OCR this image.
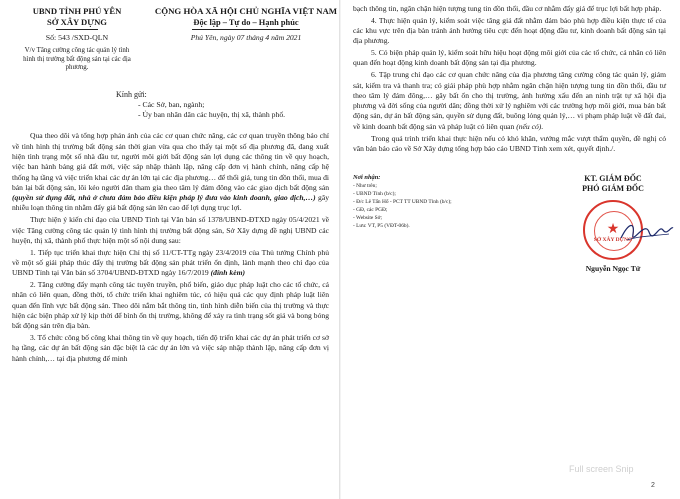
UBND TỈNH PHÚ YÊN
SỞ XÂY DỰNG
Số: 543 /SXD-QLN
V/v Tăng cường công tác quản lý tình hình thị trường bất động sản tại các địa phương.
CỘNG HÒA XÃ HỘI CHỦ NGHĨA VIỆT NAM
Độc lập – Tự do – Hạnh phúc
Phú Yên, ngày 07 tháng 4 năm 2021
Kính gửi:
- Các Sở, ban, ngành;
- Ủy ban nhân dân các huyện, thị xã, thành phố.

Qua theo dõi và tổng hợp phản ánh của các cơ quan chức năng, các cơ quan truyền thông báo chí về tình hình thị trường bất động sản thời gian vừa qua cho thấy tại một số địa phương đã, đang xuất hiện tình trạng một số nhà đầu tư, người môi giới bất động sản lợi dụng các thông tin về quy hoạch, việc ban hành bảng giá đất mới, việc sáp nhập thành lập, nâng cấp đơn vị hành chính, nâng cấp hệ thống hạ tầng và việc triển khai các dự án lớn tại các địa phương… để thổi giá, tung tin đồn thổi, mua đi bán lại bất động sản, lôi kéo người dân tham gia theo tâm lý đám đông vào các giao dịch bất động sản (quyền sử dụng đất, nhà ở chưa đảm bảo điều kiện pháp lý đưa vào kinh doanh, giao dịch,…) gây nhiễu loạn thông tin nhằm đẩy giá bất động sản lên cao để lợi dụng trục lợi.

Thực hiện ý kiến chỉ đạo của UBND Tỉnh tại Văn bản số 1378/UBND-ĐTXD ngày 05/4/2021 về việc Tăng cường công tác quản lý tình hình thị trường bất động sản, Sở Xây dựng đề nghị UBND các huyện, thị xã, thành phố thực hiện một số nội dung sau:

1. Tiếp tục triển khai thực hiện Chỉ thị số 11/CT-TTg ngày 23/4/2019 của Thủ tướng Chính phủ về một số giải pháp thúc đẩy thị trường bất động sản phát triển ổn định, lành mạnh theo chỉ đạo của UBND Tỉnh tại Văn bản số 3704/UBND-ĐTXD ngày 16/7/2019 (đính kèm)

2. Tăng cường đẩy mạnh công tác tuyên truyền, phổ biến, giáo dục pháp luật cho các tổ chức, cá nhân có liên quan, đồng thời, tổ chức triển khai nghiêm túc, có hiệu quả các quy định pháp luật liên quan đến lĩnh vực bất động sản. Theo dõi nắm bắt thông tin, tình hình diễn biến của thị trường và thực hiện các biện pháp xử lý kịp thời để bình ổn thị trường, không để xảy ra tình trạng sốt giá và bong bóng bất động sản trên địa bàn.

3. Tổ chức công bố công khai thông tin về quy hoạch, tiến độ triển khai các dự án phát triển cơ sở hạ tầng, các dự án bất động sản đặc biệt là các dự án lớn và việc sáp nhập thành lập, nâng cấp đơn vị hành chính,… tại địa phương để minh

bạch thông tin, ngăn chặn hiện tượng tung tin đồn thổi, đầu cơ nhằm đẩy giá để trục lợi bất hợp pháp.

4. Thực hiện quản lý, kiểm soát việc tăng giá đất nhằm đảm bảo phù hợp điều kiện thực tế của các khu vực trên địa bàn tránh ảnh hưởng tiêu cực đến hoạt động đầu tư, kinh doanh bất động sản tại địa phương.

5. Có biện pháp quản lý, kiểm soát hữu hiệu hoạt động môi giới của các tổ chức, cá nhân có liên quan đến hoạt động kinh doanh bất động sản tại địa phương.

6. Tập trung chỉ đạo các cơ quan chức năng của địa phương tăng cường công tác quản lý, giám sát, kiểm tra và thanh tra; có giải pháp phù hợp nhằm ngăn chặn hiện tượng tung tin đồn thổi, đầu tư theo tâm lý đám đông,… gây bất ổn cho thị trường, ảnh hưởng xấu đến an ninh trật tự xã hội địa phương và đời sống của người dân; đồng thời xử lý nghiêm với các trường hợp môi giới, mua bán bất động sản, dự án bất động sản, quyền sử dụng đất, buông lỏng quản lý,… vi phạm pháp luật về đất đai, về kinh doanh bất động sản và pháp luật có liên quan (nếu có).

Trong quá trình triển khai thực hiện nếu có khó khăn, vướng mắc vượt thẩm quyền, đề nghị có văn bản báo cáo về Sở Xây dựng tổng hợp báo cáo UBND Tỉnh xem xét, quyết định./.

Nơi nhận:
- Như trên;
- UBND Tỉnh (b/c);
- Đ/c Lê Tấn Hổ - PCT TT UBND Tỉnh (b/c);
- GĐ, các PGĐ;
- Website Sở;
- Lưu: VT, P5 (VĐT-06b).
KT. GIÁM ĐỐC
PHÓ GIÁM ĐỐC
★
SỞ XÂY DỰNG
Nguyễn Ngọc Tứ
2
Full screen Snip
